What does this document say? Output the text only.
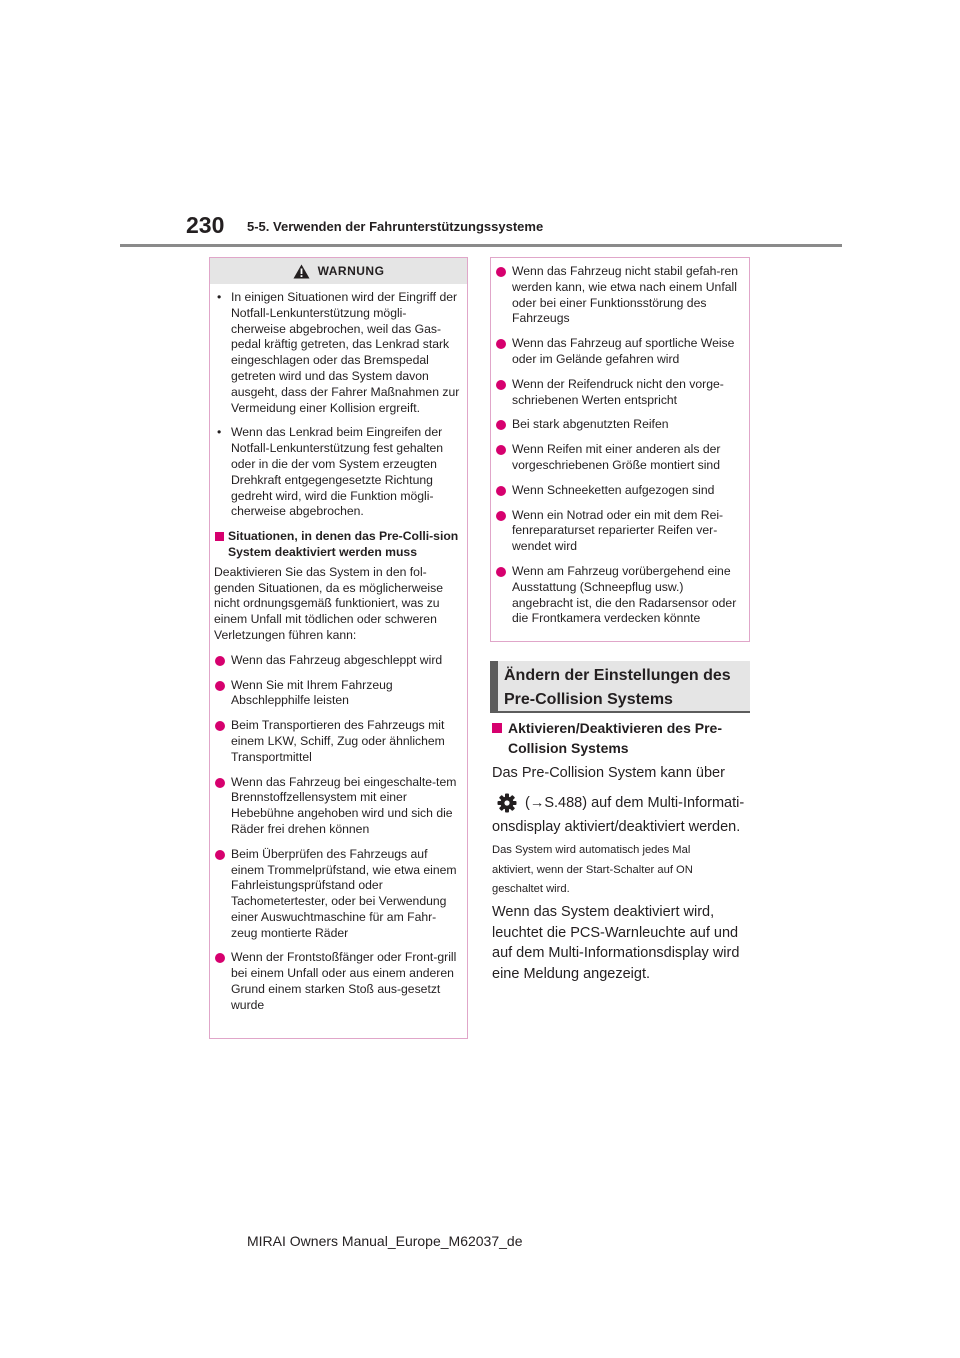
230 5-5. Verwenden der Fahrunterstützungssysteme
WARNUNG
• In einigen Situationen wird der Eingriff der Notfall-Lenkunterstützung mögli-cherweise abgebrochen, weil das Gas-pedal kräftig getreten, das Lenkrad stark eingeschlagen oder das Bremspedal getreten wird und das System davon ausgeht, dass der Fahrer Maßnahmen zur Vermeidung einer Kollision ergreift.
• Wenn das Lenkrad beim Eingreifen der Notfall-Lenkunterstützung fest gehalten oder in die der vom System erzeugten Drehkraft entgegengesetzte Richtung gedreht wird, wird die Funktion mögli-cherweise abgebrochen.
Situationen, in denen das Pre-Colli-sion System deaktiviert werden muss
Deaktivieren Sie das System in den fol-genden Situationen, da es möglicherweise nicht ordnungsgemäß funktioniert, was zu einem Unfall mit tödlichen oder schweren Verletzungen führen kann:
Wenn das Fahrzeug abgeschleppt wird
Wenn Sie mit Ihrem Fahrzeug Abschlepphilfe leisten
Beim Transportieren des Fahrzeugs mit einem LKW, Schiff, Zug oder ähnlichem Transportmittel
Wenn das Fahrzeug bei eingeschalte-tem Brennstoffzellensystem mit einer Hebebühne angehoben wird und sich die Räder frei drehen können
Beim Überprüfen des Fahrzeugs auf einem Trommelprüfstand, wie etwa einem Fahrleistungsprüfstand oder Tachometertester, oder bei Verwendung einer Auswuchtmaschine für am Fahr-zeug montierte Räder
Wenn der Frontstoßfänger oder Front-grill bei einem Unfall oder aus einem anderen Grund einem starken Stoß aus-gesetzt wurde
Wenn das Fahrzeug nicht stabil gefah-ren werden kann, wie etwa nach einem Unfall oder bei einer Funktionsstörung des Fahrzeugs
Wenn das Fahrzeug auf sportliche Weise oder im Gelände gefahren wird
Wenn der Reifendruck nicht den vorge-schriebenen Werten entspricht
Bei stark abgenutzten Reifen
Wenn Reifen mit einer anderen als der vorgeschriebenen Größe montiert sind
Wenn Schneeketten aufgezogen sind
Wenn ein Notrad oder ein mit dem Rei-fenreparaturset reparierter Reifen ver-wendet wird
Wenn am Fahrzeug vorübergehend eine Ausstattung (Schneepflug usw.) angebracht ist, die den Radarsensor oder die Frontkamera verdecken könnte
Ändern der Einstellungen des
Pre-Collision Systems
Aktivieren/Deaktivieren des Pre-
Collision Systems
Das Pre-Collision System kann über
(→S.488) auf dem Multi-Informati-
onsdisplay aktiviert/deaktiviert werden.
Das System wird automatisch jedes Mal
aktiviert, wenn der Start-Schalter auf ON
geschaltet wird.
Wenn das System deaktiviert wird,
leuchtet die PCS-Warnleuchte auf und
auf dem Multi-Informationsdisplay wird
eine Meldung angezeigt.
MIRAI Owners Manual_Europe_M62037_de
